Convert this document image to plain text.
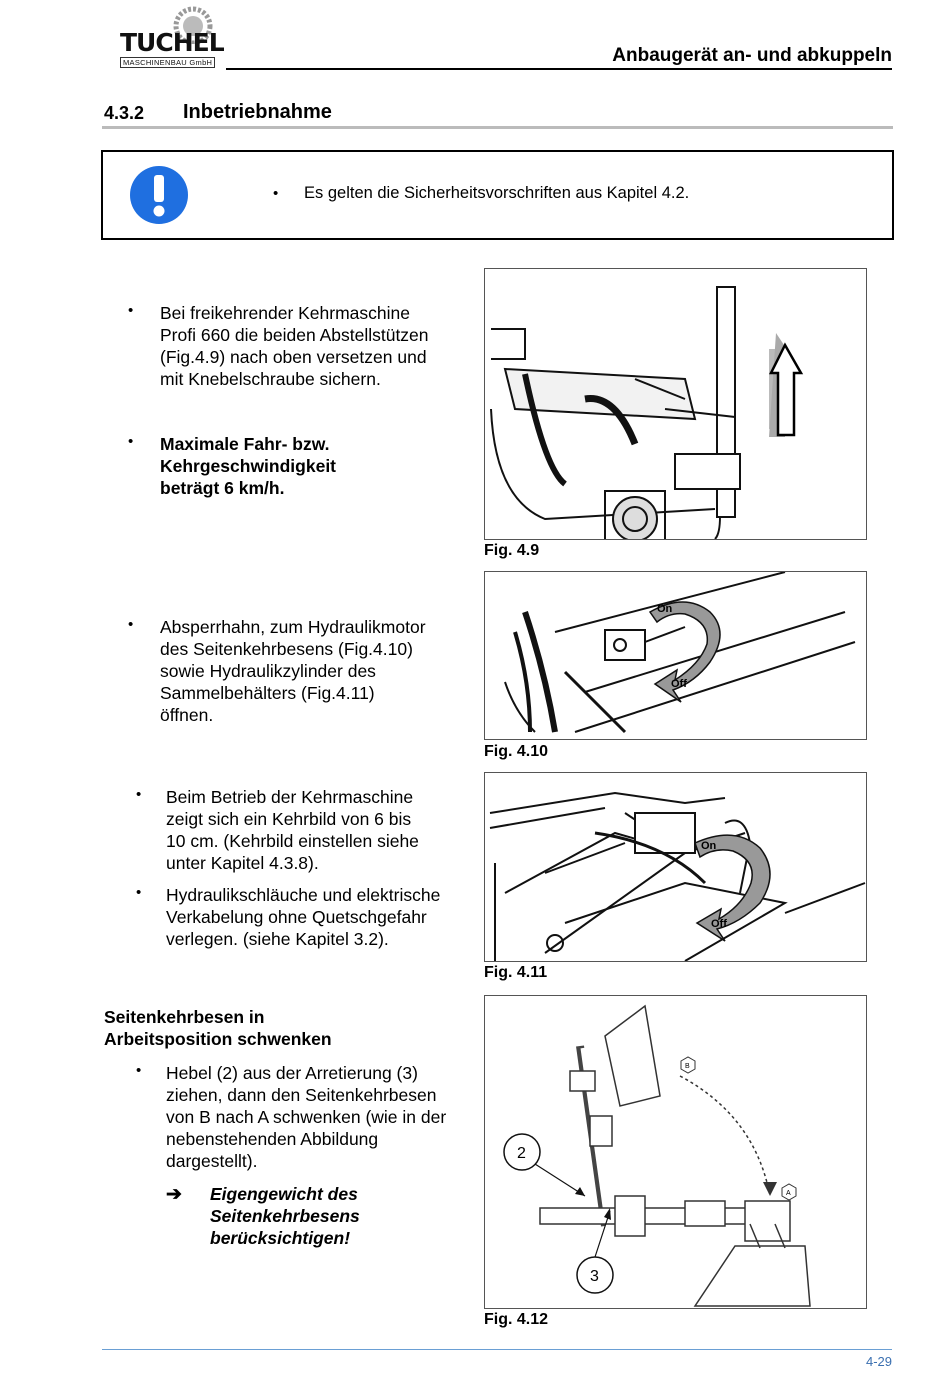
TUCHEL
MASCHINENBAU GmbH	Anbaugerät an- und abkuppeln
4.3.2 Inbetriebnahme
• Es gelten die Sicherheitsvorschriften aus Kapitel 4.2.
• Bei freikehrender Kehrmaschine
Profi 660 die beiden Abstellstützen
(Fig.4.9) nach oben versetzen und
mit Knebelschraube sichern.
• Maximale Fahr- bzw.
Kehrgeschwindigkeit
beträgt 6 km/h.
Fig. 4.9
• Absperrhahn, zum Hydraulikmotor
des Seitenkehrbesens (Fig.4.10)
sowie Hydraulikzylinder des
Sammelbehälters (Fig.4.11)
öffnen.
On
Off
Fig. 4.10
• Beim Betrieb der Kehrmaschine
zeigt sich ein Kehrbild von 6 bis
10 cm. (Kehrbild einstellen siehe
unter Kapitel 4.3.8).
• Hydraulikschläuche und elektrische
Verkabelung ohne Quetschgefahr
verlegen. (siehe Kapitel 3.2).
On
Off
Fig. 4.11
Seitenkehrbesen in
Arbeitsposition schwenken
• Hebel (2) aus der Arretierung (3)
ziehen, dann den Seitenkehrbesen
von B nach A schwenken (wie in der
nebenstehenden Abbildung
dargestellt).
➔ Eigengewicht des
Seitenkehrbesens
berücksichtigen!
B
A
2
3
Fig. 4.12
4-29
